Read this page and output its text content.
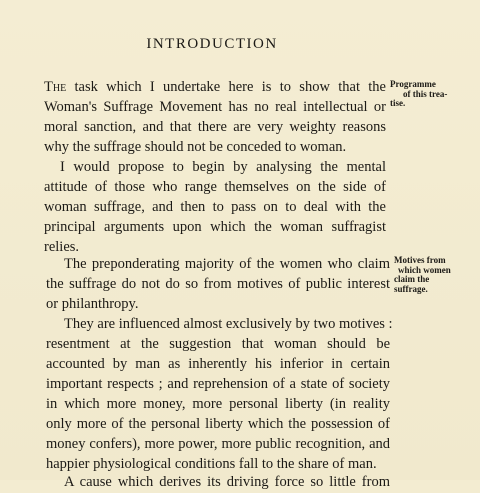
INTRODUCTION
The task which I undertake here is to show that the
Woman's Suffrage Movement has no real intellectual or
moral sanction, and that there are very weighty reasons
why the suffrage should not be conceded to woman.
I would propose to begin by analysing the mental
attitude of those who range themselves on the side of
woman suffrage, and then to pass on to deal with the
principal arguments upon which the woman suffragist
relies.
The preponderating majority of the women who claim
the suffrage do not do so from motives of public interest
or philanthropy.
They are influenced almost exclusively by two motives :
resentment at the suggestion that woman should be
accounted by man as inherently his inferior in certain
important respects ; and reprehension of a state of society
in which more money, more personal liberty (in reality
only more of the personal liberty which the possession of
money confers), more power, more public recognition, and
happier physiological conditions fall to the share of man.
A cause which derives its driving force so little from
Programme
of this trea-
tise.
Motives from
which women
claim the
suffrage.
